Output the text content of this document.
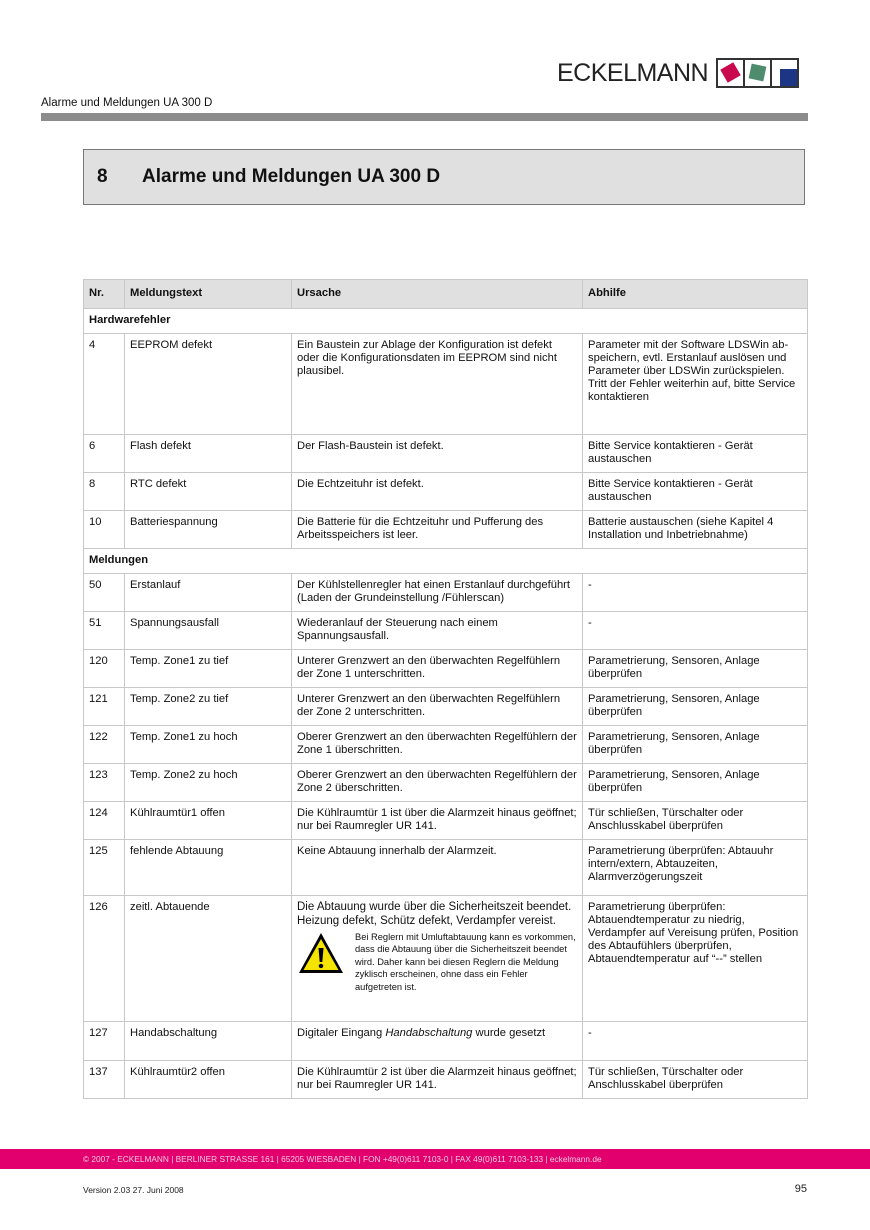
ECKELMANN
Alarme und Meldungen UA 300 D
8	Alarme und Meldungen UA 300 D
Nr.	Meldungstext	Ursache	Abhilfe
Hardwarefehler			
4	EEPROM defekt	Ein Baustein zur Ablage der Konfiguration ist defekt oder die Konfigurationsdaten im EEPROM sind nicht plausibel.	Parameter mit der Software LDSWin ab-speichern, evtl. Erstanlauf auslösen und Parameter über LDSWin zurückspielen. Tritt der Fehler weiterhin auf, bitte Service kontaktieren
6	Flash defekt	Der Flash-Baustein ist defekt.	Bitte Service kontaktieren - Gerät austauschen
8	RTC defekt	Die Echtzeituhr ist defekt.	Bitte Service kontaktieren - Gerät austauschen
10	Batteriespannung	Die Batterie für die Echtzeituhr und Pufferung des Arbeitsspeichers ist leer.	Batterie austauschen (siehe Kapitel 4 Installation und Inbetriebnahme)
Meldungen			
50	Erstanlauf	Der Kühlstellenregler hat einen Erstanlauf durchgeführt (Laden der Grundeinstellung /Fühlerscan)	-
51	Spannungsausfall	Wiederanlauf der Steuerung nach einem Spannungsausfall.	-
120	Temp. Zone1 zu tief	Unterer Grenzwert an den überwachten Regelfühlern der Zone 1 unterschritten.	Parametrierung, Sensoren, Anlage überprüfen
121	Temp. Zone2 zu tief	Unterer Grenzwert an den überwachten Regelfühlern der Zone 2 unterschritten.	Parametrierung, Sensoren, Anlage überprüfen
122	Temp. Zone1 zu hoch	Oberer Grenzwert an den überwachten Regelfühlern der Zone 1 überschritten.	Parametrierung, Sensoren, Anlage überprüfen
123	Temp. Zone2 zu hoch	Oberer Grenzwert an den überwachten Regelfühlern der Zone 2 überschritten.	Parametrierung, Sensoren, Anlage überprüfen
124	Kühlraumtür1 offen	Die Kühlraumtür 1 ist über die Alarmzeit hinaus geöffnet; nur bei Raumregler UR 141.	Tür schließen, Türschalter oder Anschlusskabel überprüfen
125	fehlende Abtauung	Keine Abtauung innerhalb der Alarmzeit.	Parametrierung überprüfen: Abtauuhr intern/extern, Abtauzeiten, Alarmverzögerungszeit
126	zeitl. Abtauende	Die Abtauung wurde über die Sicherheitszeit beendet. Heizung defekt, Schütz defekt, Verdampfer vereist.
Bei Reglern mit Umluftabtauung kann es vorkommen, dass die Abtauung über die Sicherheitszeit beendet wird. Daher kann bei diesen Reglern die Meldung zyklisch erscheinen, ohne dass ein Fehler aufgetreten ist.	Parametrierung überprüfen: Abtauendtemperatur zu niedrig, Verdampfer auf Vereisung prüfen, Position des Abtaufühlers überprüfen, Abtauendtemperatur auf “--” stellen
127	Handabschaltung	Digitaler Eingang Handabschaltung wurde gesetzt	-
137	Kühlraumtür2 offen	Die Kühlraumtür 2 ist über die Alarmzeit hinaus geöffnet; nur bei Raumregler UR 141.	Tür schließen, Türschalter oder Anschlusskabel überprüfen
© 2007 - ECKELMANN | BERLINER STRASSE 161 | 65205 WIESBADEN | FON +49(0)611 7103-0 | FAX 49(0)611 7103-133 | eckelmann.de
Version 2.03 27. Juni 2008	95
